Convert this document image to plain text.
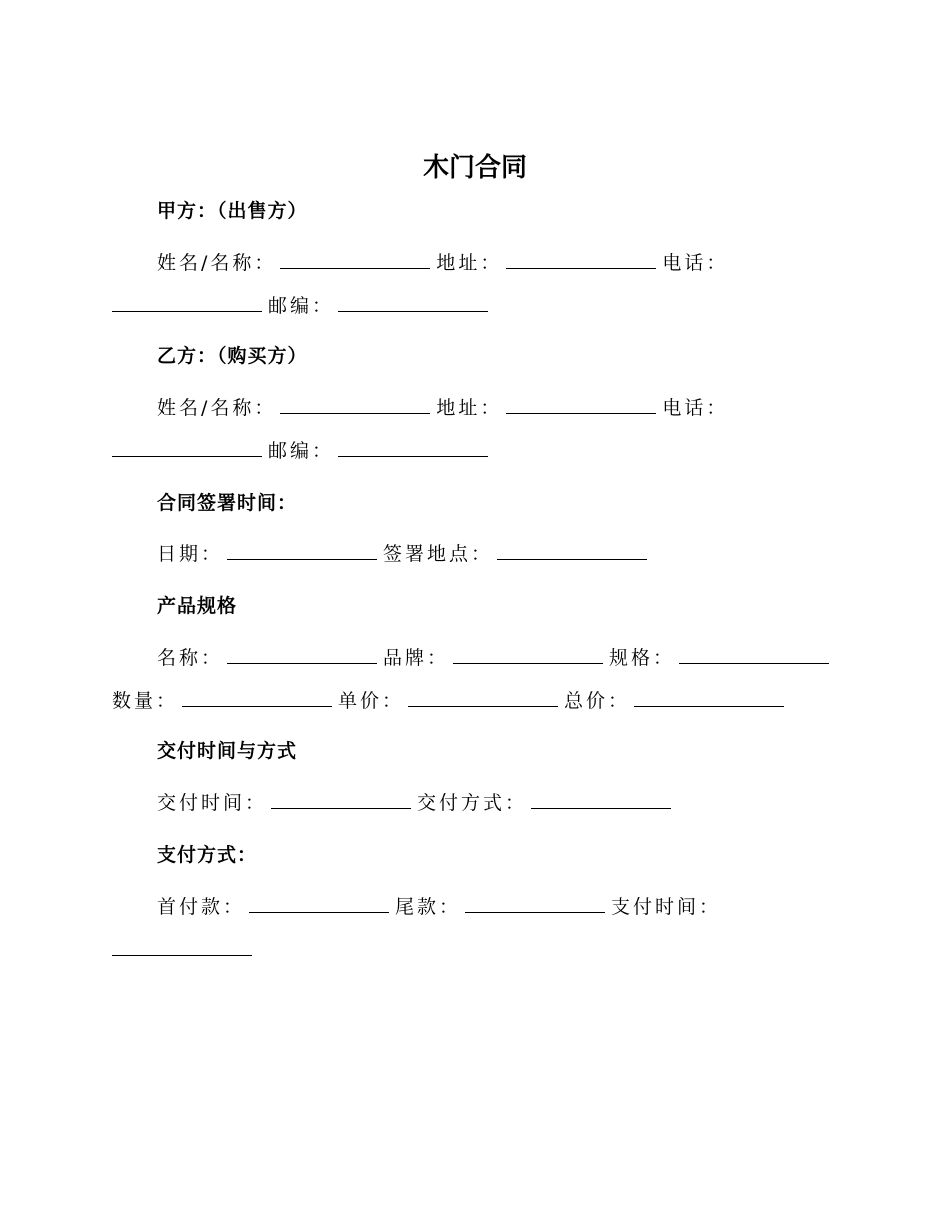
木门合同
甲方：（出售方）
姓名/名称：	地址：	电话：
邮编：
乙方：（购买方）
姓名/名称：	地址：	电话：
邮编：
合同签署时间：
日期：	签署地点：
产品规格
名称：	品牌：	规格：
数量：	单价：	总价：
交付时间与方式
交付时间：	交付方式：
支付方式：
首付款：	尾款：	支付时间：
